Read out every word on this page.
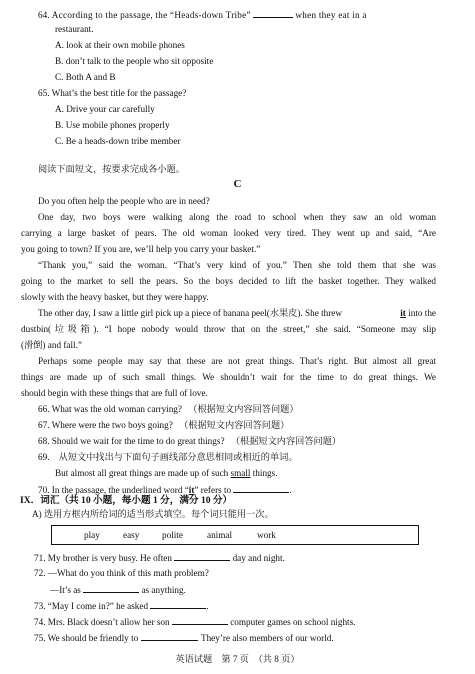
64. According to the passage, the “Heads-down Tribe”	when they eat in a
restaurant.
A. look at their own mobile phones
B. don’t talk to the people who sit opposite
C. Both A and B
65. What’s the best title for the passage?
A. Drive your car carefully
B. Use mobile phones properly
C. Be a heads-down tribe member
阅读下面短文，按要求完成各小题。
C
Do you often help the people who are in need?
One day, two boys were walking along the road to school when they saw an old woman
carrying a large basket of pears. The old woman looked very tired. They went up and said, “Are
you going to town? If you are, we’ll help you carry your basket.”
“Thank you,” said the woman. “That’s very kind of you.” Then she told them that she was
going to the market to sell the pears. So the boys decided to lift the basket together. They walked
slowly with the heavy basket, but they were happy.
The other day, I saw a little girl pick up a piece of banana peel(水果皮). She threw	it into the
dustbin(垃圾箱). “I hope nobody would throw that on the street,” she said. “Someone may slip
(滑倒) and fall.”
Perhaps some people may say that these are not great things. That’s right. But almost all great
things are made up of such small things. We shouldn’t wait for the time to do great things. We
should begin with these things that are full of love.
66. What was the old woman carrying? （根据短文内容回答问题）
67. Where were the two boys going? （根据短文内容回答问题）
68. Should we wait for the time to do great things? （根据短文内容回答问题）
69.　从短文中找出与下面句子画线部分意思相同或相近的单词。
But almost all great things are made up of such small things.
70. In the passage, the underlined word “it” refers to	.
IX．词汇（共 10 小题，每小题 1 分，满分 10 分）
A) 选用方框内所给词的适当形式填空。每个词只能用一次。
play	easy polite	animal	work
71. My brother is very busy. He often	day and night.
72. —What do you think of this math problem?
—It’s as	as anything.
73. “May I come in?” he asked	.
74. Mrs. Black doesn’t allow her son	computer games on school nights.
75. We should be friendly to	. They’re also members of our world.
英语试题　第 7 页　（共 8 页）
